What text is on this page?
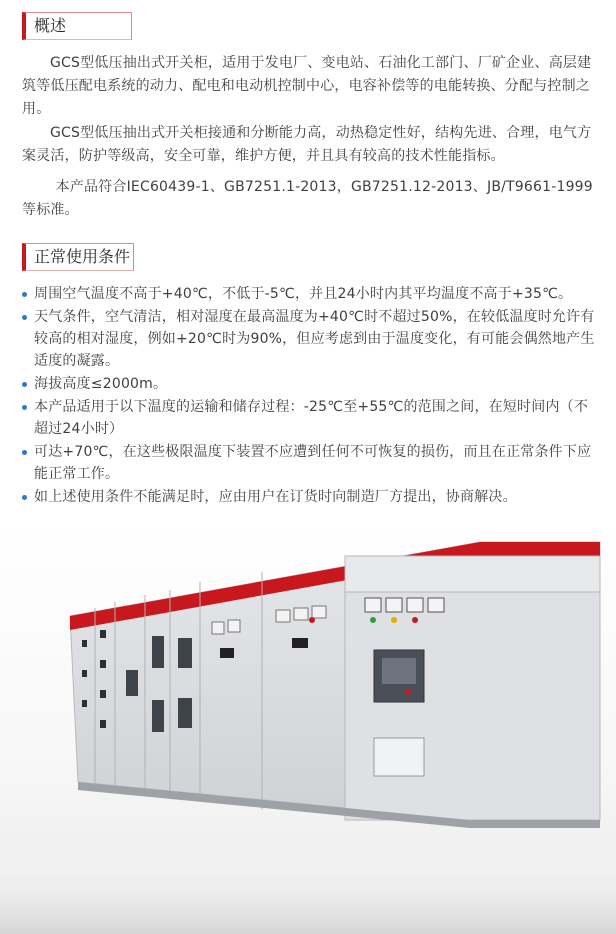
概述

GCS型低压抽出式开关柜，适用于发电厂、变电站、石油化工部门、厂矿企业、高层建筑等低压配电系统的动力、配电和电动机控制中心，电容补偿等的电能转换、分配与控制之用。

GCS型低压抽出式开关柜接通和分断能力高，动热稳定性好，结构先进、合理，电气方案灵活，防护等级高，安全可靠，维护方便，并且具有较高的技术性能指标。

本产品符合IEC60439-1、GB7251.1-2013，GB7251.12-2013、JB/T9661-1999等标准。

正常使用条件
周围空气温度不高于+40℃，不低于-5℃，并且24小时内其平均温度不高于+35℃。
天气条件，空气清洁，相对湿度在最高温度为+40℃时不超过50%，在较低温度时允许有较高的相对湿度，例如+20℃时为90%，但应考虑到由于温度变化，有可能会偶然地产生适度的凝露。
海拔高度≤2000m。
本产品适用于以下温度的运输和储存过程：-25℃至+55℃的范围之间，在短时间内（不超过24小时）
可达+70℃，在这些极限温度下装置不应遭到任何不可恢复的损伤，而且在正常条件下应能正常工作。
如上述使用条件不能满足时，应由用户在订货时向制造厂方提出，协商解决。
